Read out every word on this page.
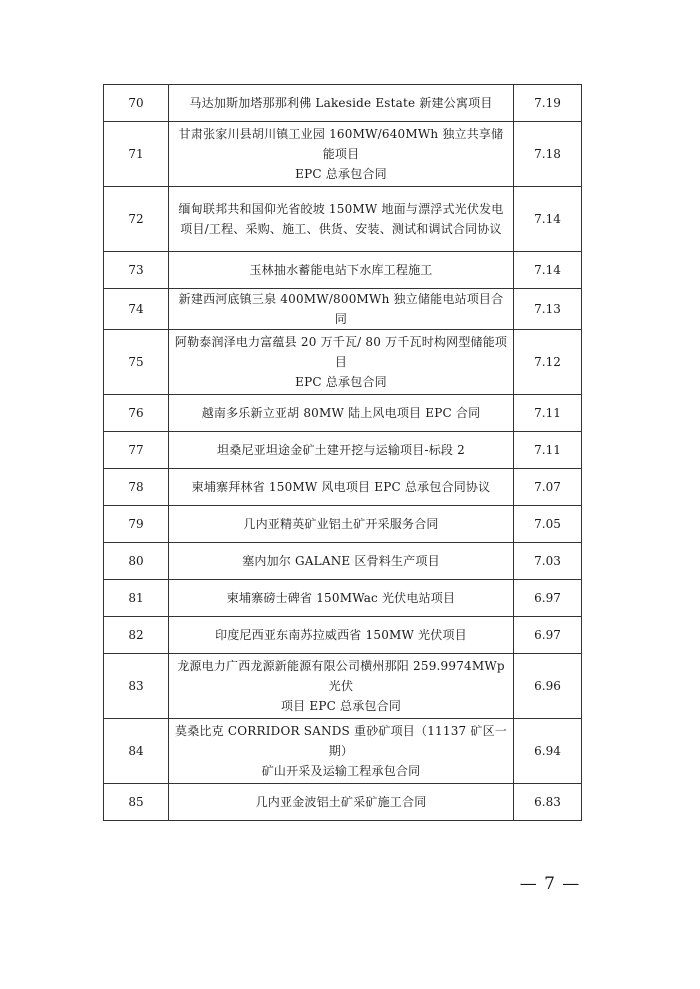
70	马达加斯加塔那那利佛 Lakeside Estate 新建公寓项目	7.19
71	甘肃张家川县胡川镇工业园 160MW/640MWh 独立共享储能项目
EPC 总承包合同	7.18
72	缅甸联邦共和国仰光省皎坡 150MW 地面与漂浮式光伏发电
项目/工程、采购、施工、供货、安装、测试和调试合同协议	7.14
73	玉林抽水蓄能电站下水库工程施工	7.14
74	新建西河底镇三泉 400MW/800MWh 独立储能电站项目合同	7.13
75	阿勒泰润泽电力富蕴县 20 万千瓦/ 80 万千瓦时构网型储能项目
EPC 总承包合同	7.12
76	越南多乐新立亚胡 80MW 陆上风电项目 EPC 合同	7.11
77	坦桑尼亚坦途金矿土建开挖与运输项目-标段 2	7.11
78	柬埔寨拜林省 150MW 风电项目 EPC 总承包合同协议	7.07
79	几内亚精英矿业铝土矿开采服务合同	7.05
80	塞内加尔 GALANE 区骨料生产项目	7.03
81	柬埔寨磅士碑省 150MWac 光伏电站项目	6.97
82	印度尼西亚东南苏拉威西省 150MW 光伏项目	6.97
83	龙源电力广西龙源新能源有限公司横州那阳 259.9974MWp 光伏
项目 EPC 总承包合同	6.96
84	莫桑比克 CORRIDOR SANDS 重砂矿项目（11137 矿区一期）
矿山开采及运输工程承包合同	6.94
85	几内亚金波铝土矿采矿施工合同	6.83
— 7 —
